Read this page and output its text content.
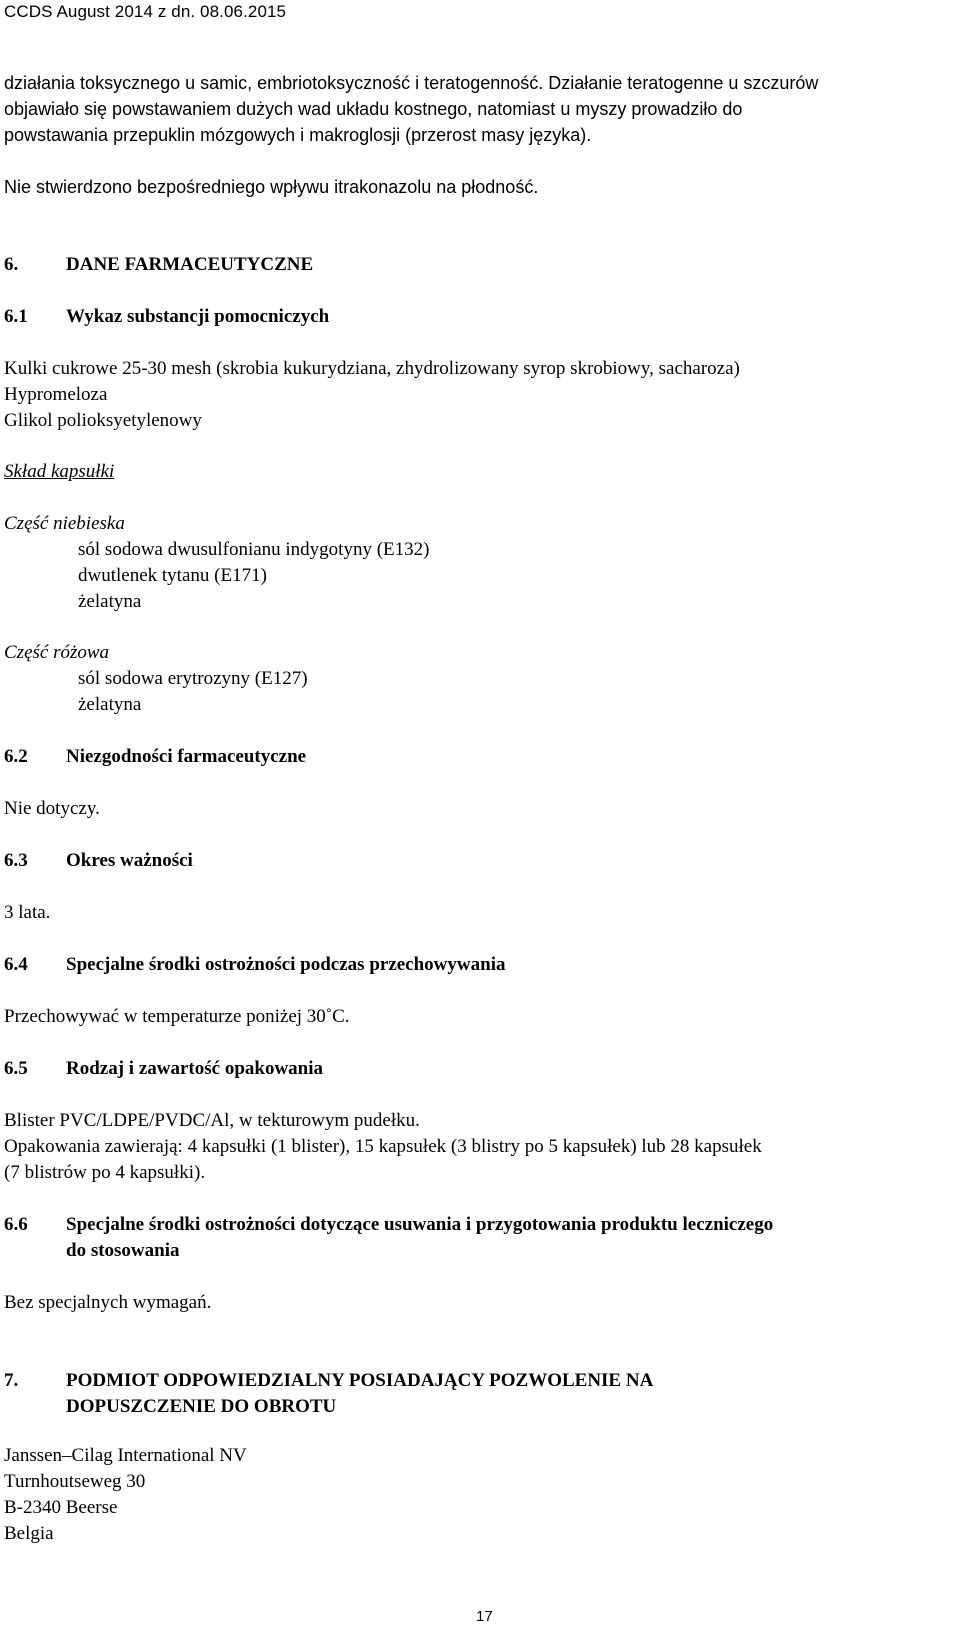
CCDS August 2014 z dn. 08.06.2015
działania toksycznego u samic, embriotoksyczność i teratogenność. Działanie teratogenne u szczurów
objawiało się powstawaniem dużych wad układu kostnego, natomiast u myszy prowadziło do
powstawania przepuklin mózgowych i makroglosji (przerost masy języka).
Nie stwierdzono bezpośredniego wpływu itrakonazolu na płodność.
6.	DANE FARMACEUTYCZNE
6.1 Wykaz substancji pomocniczych
Kulki cukrowe 25-30 mesh (skrobia kukurydziana, zhydrolizowany syrop skrobiowy, sacharoza)
Hypromeloza
Glikol polioksyetylenowy
Skład kapsułki
Część niebieska
sól sodowa dwusulfonianu indygotyny (E132)
dwutlenek tytanu (E171)
żelatyna
Część różowa
sól sodowa erytrozyny (E127)
żelatyna
6.2 Niezgodności farmaceutyczne
Nie dotyczy.
6.3 Okres ważności
3 lata.
6.4 Specjalne środki ostrożności podczas przechowywania
Przechowywać w temperaturze poniżej 30˚C.
6.5 Rodzaj i zawartość opakowania
Blister PVC/LDPE/PVDC/Al, w tekturowym pudełku.
Opakowania zawierają: 4 kapsułki (1 blister), 15 kapsułek (3 blistry po 5 kapsułek) lub 28 kapsułek
(7 blistrów po 4 kapsułki).
6.6 Specjalne środki ostrożności dotyczące usuwania i przygotowania produktu leczniczego
do stosowania
Bez specjalnych wymagań.
7.	PODMIOT ODPOWIEDZIALNY POSIADAJĄCY POZWOLENIE NA
DOPUSZCZENIE DO OBROTU
Janssen–Cilag International NV
Turnhoutseweg 30
B-2340 Beerse
Belgia
17
